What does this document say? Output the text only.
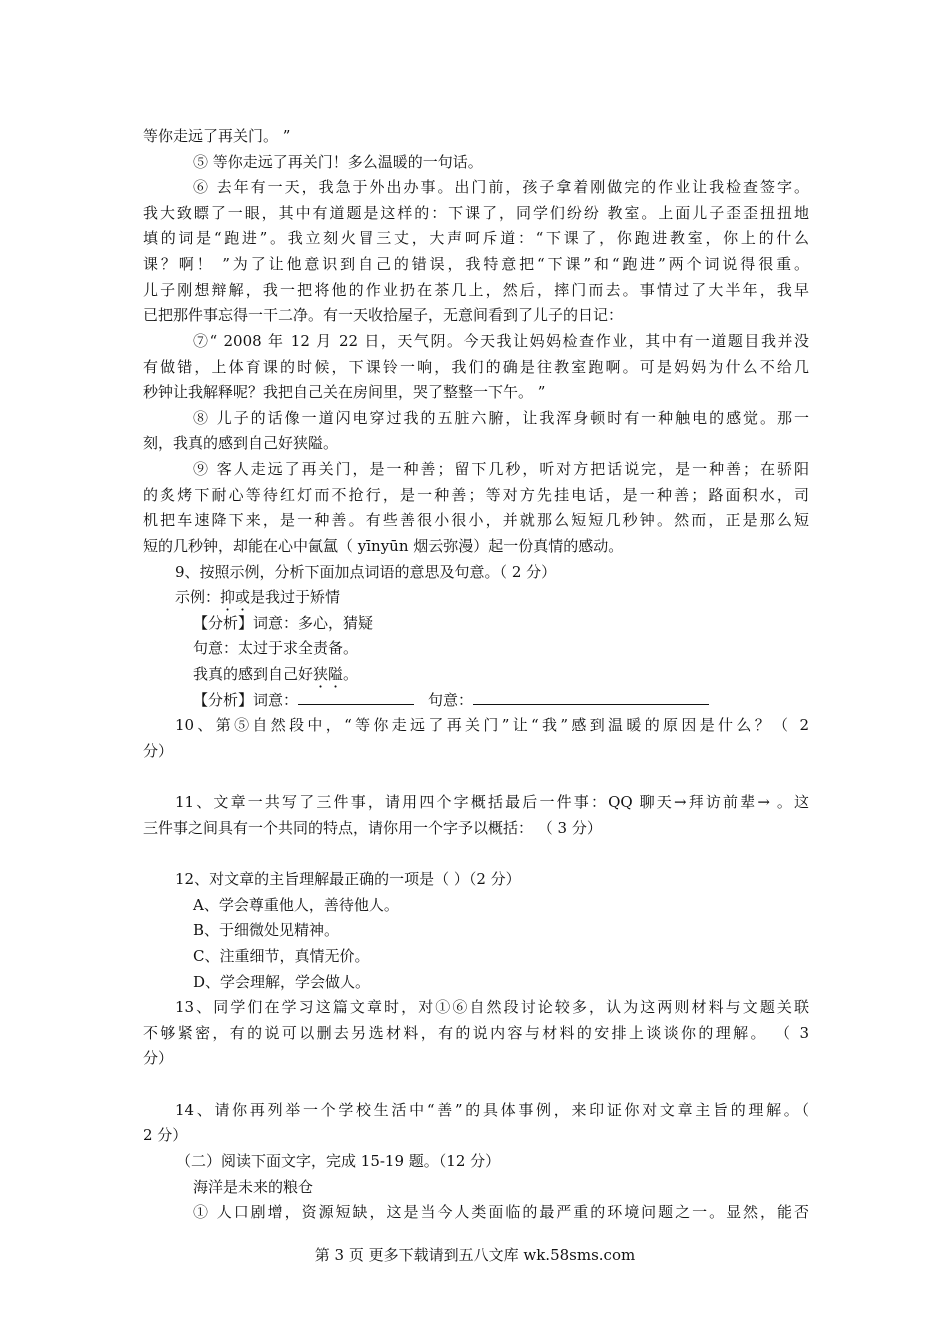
等你走远了再关门。 ”
⑤ 等你走远了再关门！多么温暖的一句话。
⑥ 去年有一天，我急于外出办事。出门前，孩子拿着刚做完的作业让我检查签字。
我大致瞟了一眼，其中有道题是这样的：下课了，同学们纷纷 教室。上面儿子歪歪扭扭地
填的词是“跑进”。我立刻火冒三丈，大声呵斥道：“下课了，你跑进教室，你上的什么
课？啊！ ”为了让他意识到自己的错误，我特意把“下课”和“跑进”两个词说得很重。
儿子刚想辩解，我一把将他的作业扔在茶几上，然后，摔门而去。事情过了大半年，我早
已把那件事忘得一干二净。有一天收拾屋子，无意间看到了儿子的日记：
⑦“ 2008 年 12 月 22 日，天气阴。今天我让妈妈检查作业，其中有一道题目我并没
有做错，上体育课的时候，下课铃一响，我们的确是往教室跑啊。可是妈妈为什么不给几
秒钟让我解释呢？我把自己关在房间里，哭了整整一下午。 ”
⑧ 儿子的话像一道闪电穿过我的五脏六腑，让我浑身顿时有一种触电的感觉。那一
刻，我真的感到自己好狭隘。
⑨ 客人走远了再关门，是一种善；留下几秒，听对方把话说完，是一种善；在骄阳
的炙烤下耐心等待红灯而不抢行，是一种善；等对方先挂电话，是一种善；路面积水，司
机把车速降下来，是一种善。有些善很小很小，并就那么短短几秒钟。然而，正是那么短
短的几秒钟，却能在心中氤氲（ yīnyūn 烟云弥漫）起一份真情的感动。
9、按照示例，分析下面加点词语的意思及句意。（ 2 分）
示例：抑或是我过于矫情
【分析】词意：多心，猜疑
句意：太过于求全责备。
我真的感到自己好狭隘。
【分析】词意：	句意：
10、第⑤自然段中，“等你走远了再关门”让“我”感到温暖的原因是什么？（ 2
分）
11、文章一共写了三件事，请用四个字概括最后一件事：QQ 聊天→拜访前辈→ 。这
三件事之间具有一个共同的特点，请你用一个字予以概括： （ 3 分）
12、对文章的主旨理解最正确的一项是（ ）（2 分）
A、学会尊重他人，善待他人。
B、于细微处见精神。
C、注重细节，真情无价。
D、学会理解，学会做人。
13、同学们在学习这篇文章时，对①⑥自然段讨论较多，认为这两则材料与文题关联
不够紧密，有的说可以删去另选材料，有的说内容与材料的安排上谈谈你的理解。 （ 3
分）
14、请你再列举一个学校生活中“善”的具体事例，来印证你对文章主旨的理解。（
2 分）
（二）阅读下面文字，完成 15-19 题。（12 分）
海洋是未来的粮仓
① 人口剧增，资源短缺，这是当今人类面临的最严重的环境问题之一。显然，能否
第 3 页 更多下载请到五八文库 wk.58sms.com
